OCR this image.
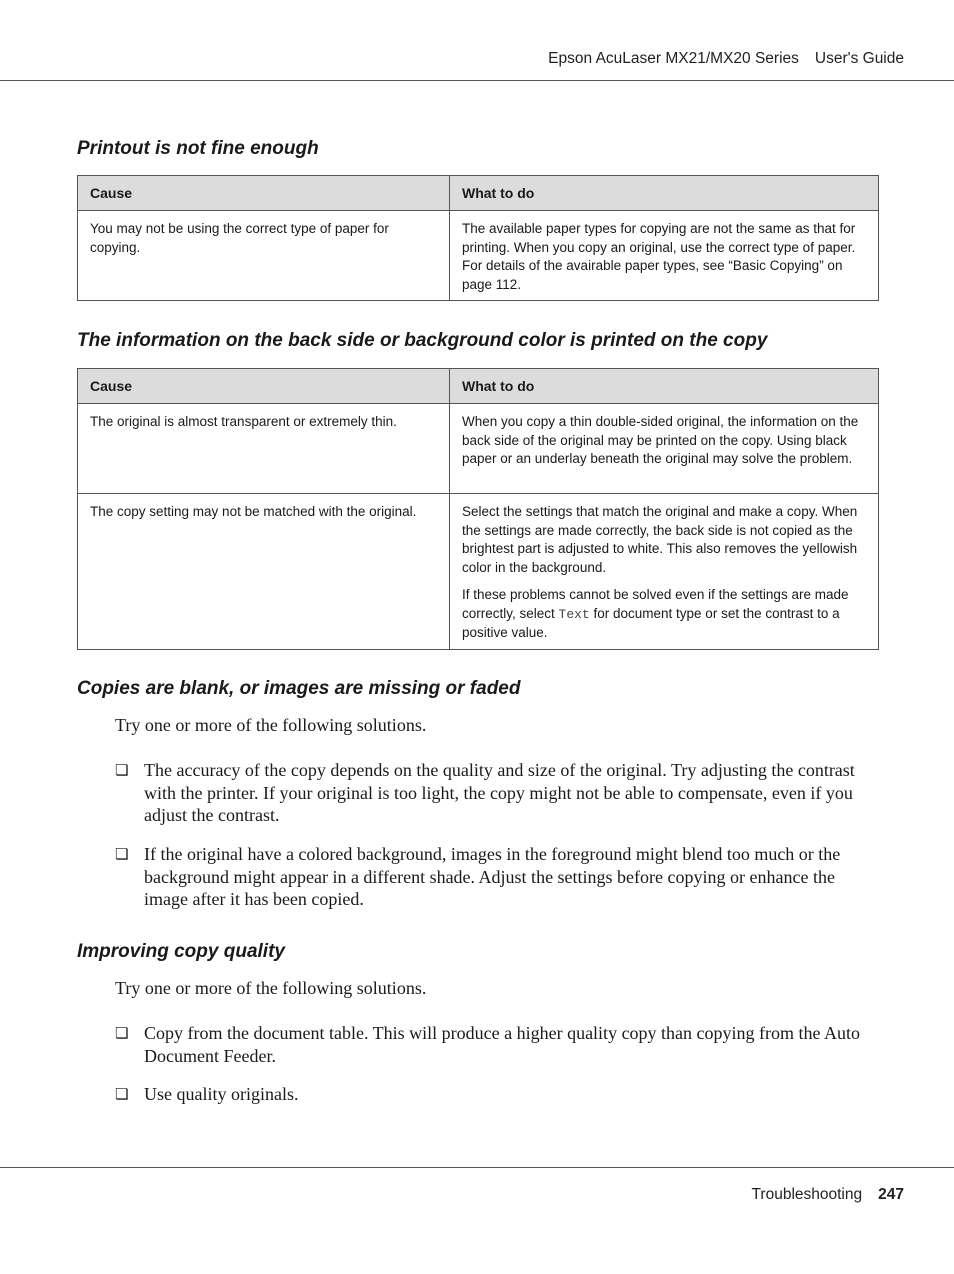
Epson AcuLaser MX21/MX20 Series User's Guide
Printout is not fine enough
Cause	What to do
You may not be using the correct type of paper for copying.	The available paper types for copying are not the same as that for printing. When you copy an original, use the correct type of paper. For details of the avairable paper types, see “Basic Copying” on page 112.
The information on the back side or background color is printed on the copy
Cause	What to do
The original is almost transparent or extremely thin.	When you copy a thin double-sided original, the information on the back side of the original may be printed on the copy. Using black paper or an underlay beneath the original may solve the problem.
The copy setting may not be matched with the original.	Select the settings that match the original and make a copy. When the settings are made correctly, the back side is not copied as the brightest part is adjusted to white. This also removes the yellowish color in the background.

If these problems cannot be solved even if the settings are made correctly, select Text for document type or set the contrast to a positive value.

Copies are blank, or images are missing or faded

Try one or more of the following solutions.

❏ The accuracy of the copy depends on the quality and size of the original. Try adjusting the contrast with the printer. If your original is too light, the copy might not be able to compensate, even if you adjust the contrast.
❏ If the original have a colored background, images in the foreground might blend too much or the background might appear in a different shade. Adjust the settings before copying or enhance the image after it has been copied.
Improving copy quality

Try one or more of the following solutions.

❏ Copy from the document table. This will produce a higher quality copy than copying from the Auto Document Feeder.
❏ Use quality originals.
Troubleshooting 247
